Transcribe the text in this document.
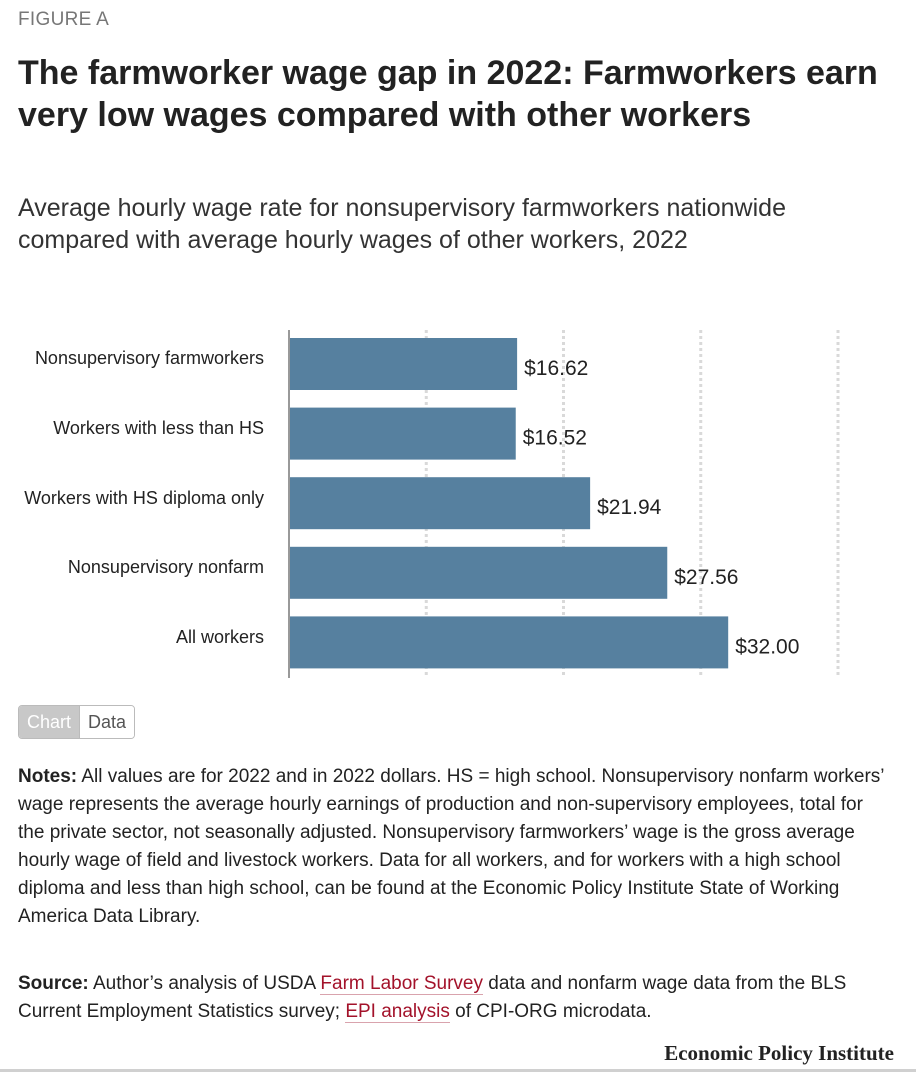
FIGURE A
The farmworker wage gap in 2022: Farmworkers earn very low wages compared with other workers

Average hourly wage rate for nonsupervisory farmworkers nationwide compared with average hourly wages of other workers, 2022

$16.62
$16.52
$21.94
$27.56
$32.00
Nonsupervisory farmworkers
Workers with less than HS
Workers with HS diploma only
Nonsupervisory nonfarm
All workers
Chart Data

Notes: All values are for 2022 and in 2022 dollars. HS = high school. Nonsupervisory nonfarm workers’ wage represents the average hourly earnings of production and non-supervisory employees, total for the private sector, not seasonally adjusted. Nonsupervisory farmworkers’ wage is the gross average hourly wage of field and livestock workers. Data for all workers, and for workers with a high school diploma and less than high school, can be found at the Economic Policy Institute State of Working America Data Library.

Source: Author’s analysis of USDA Farm Labor Survey data and nonfarm wage data from the BLS Current Employment Statistics survey; EPI analysis of CPI-ORG microdata.

Economic Policy Institute
